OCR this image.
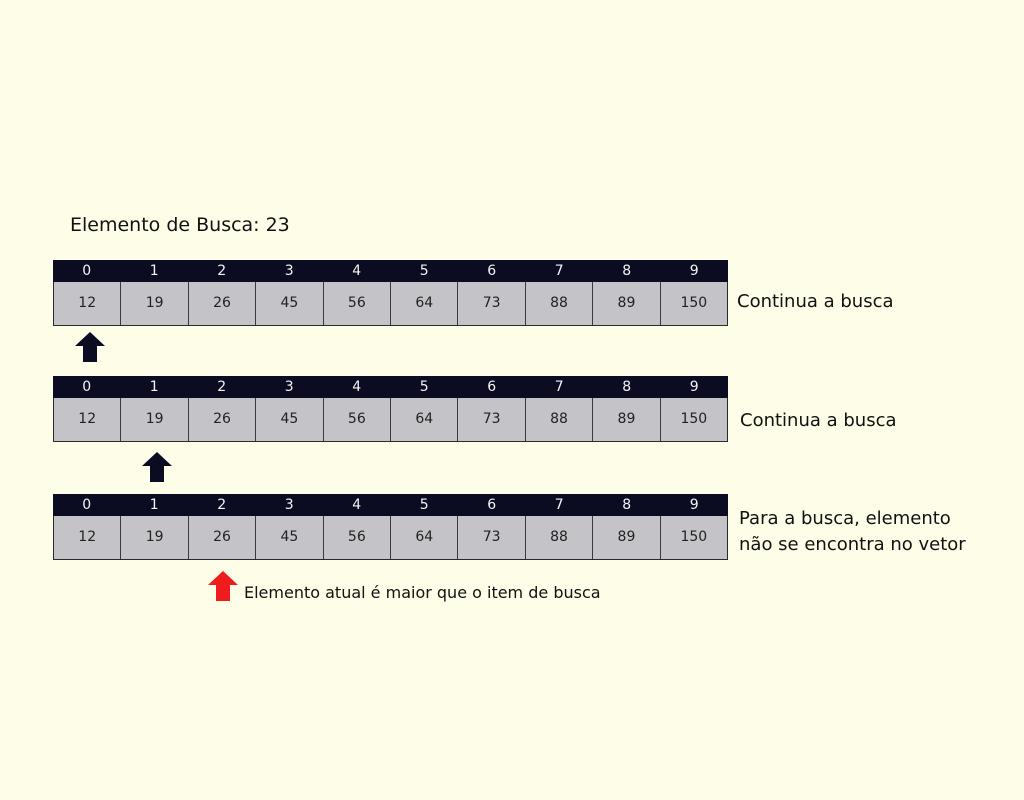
Elemento de Busca: 23
0	1	2	3	4	5	6	7	8	9
12	19	26	45	56	64	73	88	89	150	Continua a busca
0	1	2	3	4	5	6	7	8	9
12	19	26	45	56	64	73	88	89	150	Continua a busca
0	1	2	3	4	5	6	7	8	9
12	19	26	45	56	64	73	88	89	150
Para a busca, elemento
não se encontra no vetor
Elemento atual é maior que o item de busca
